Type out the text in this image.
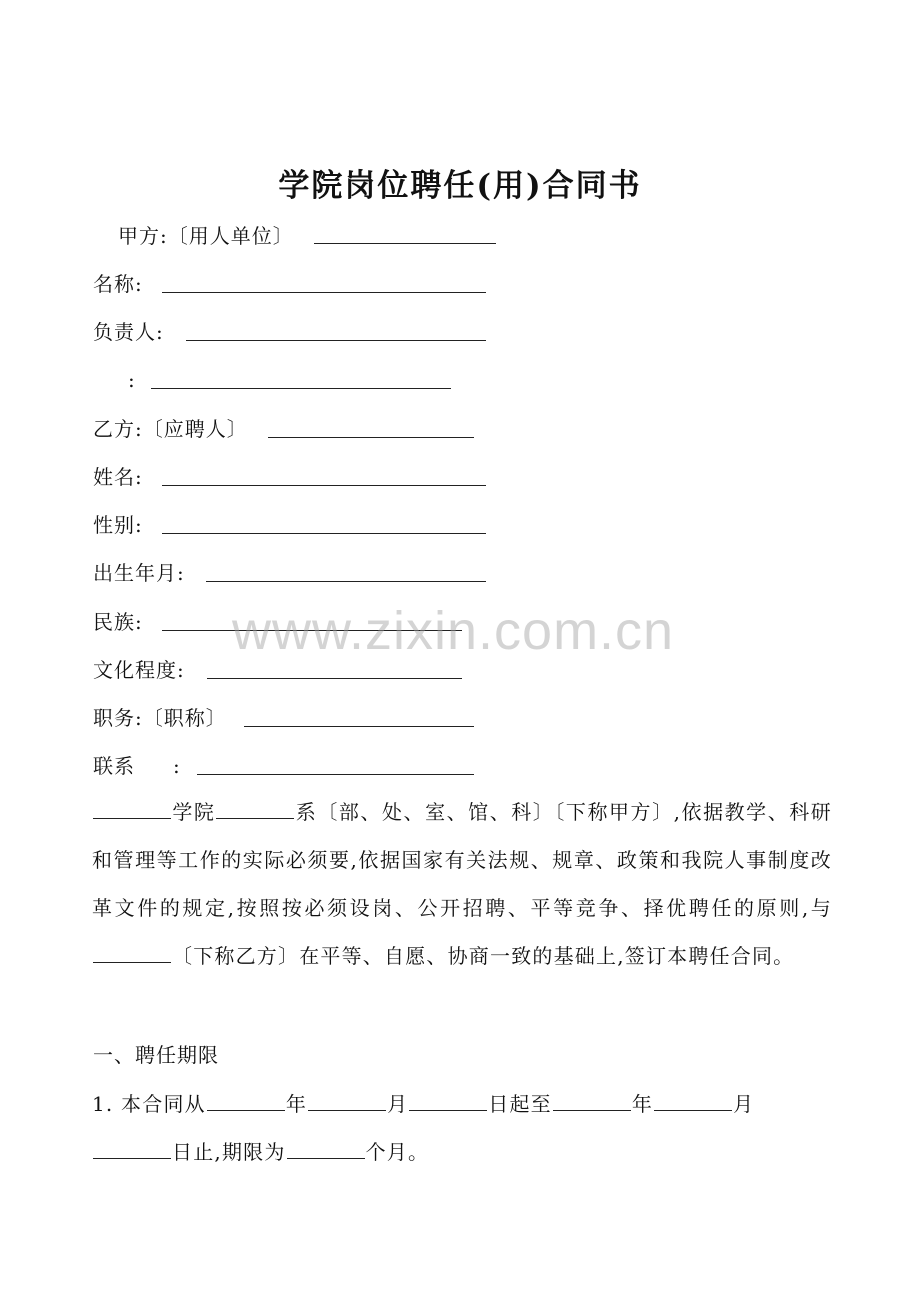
学院岗位聘任(用)合同书
甲方:〔用人单位〕
名称:
负责人:
:
乙方:〔应聘人〕
姓名:
性别:
出生年月:
民族:
文化程度:
职务:〔职称〕
联系 :
学院	系〔部、处、室、馆、科〕〔下称甲方〕,依据教学、科研和管理等工作的实际必须要,依据国家有关法规、规章、政策和我院人事制度改革文件的规定,按照按必须设岗、公开招聘、平等竞争、择优聘任的原则,与〔下称乙方〕在平等、自愿、协商一致的基础上,签订本聘任合同。
一、聘任期限
1. 本合同从	年	月	日起至	年	月
日止,期限为	个月。
www.zixin.com.cn
